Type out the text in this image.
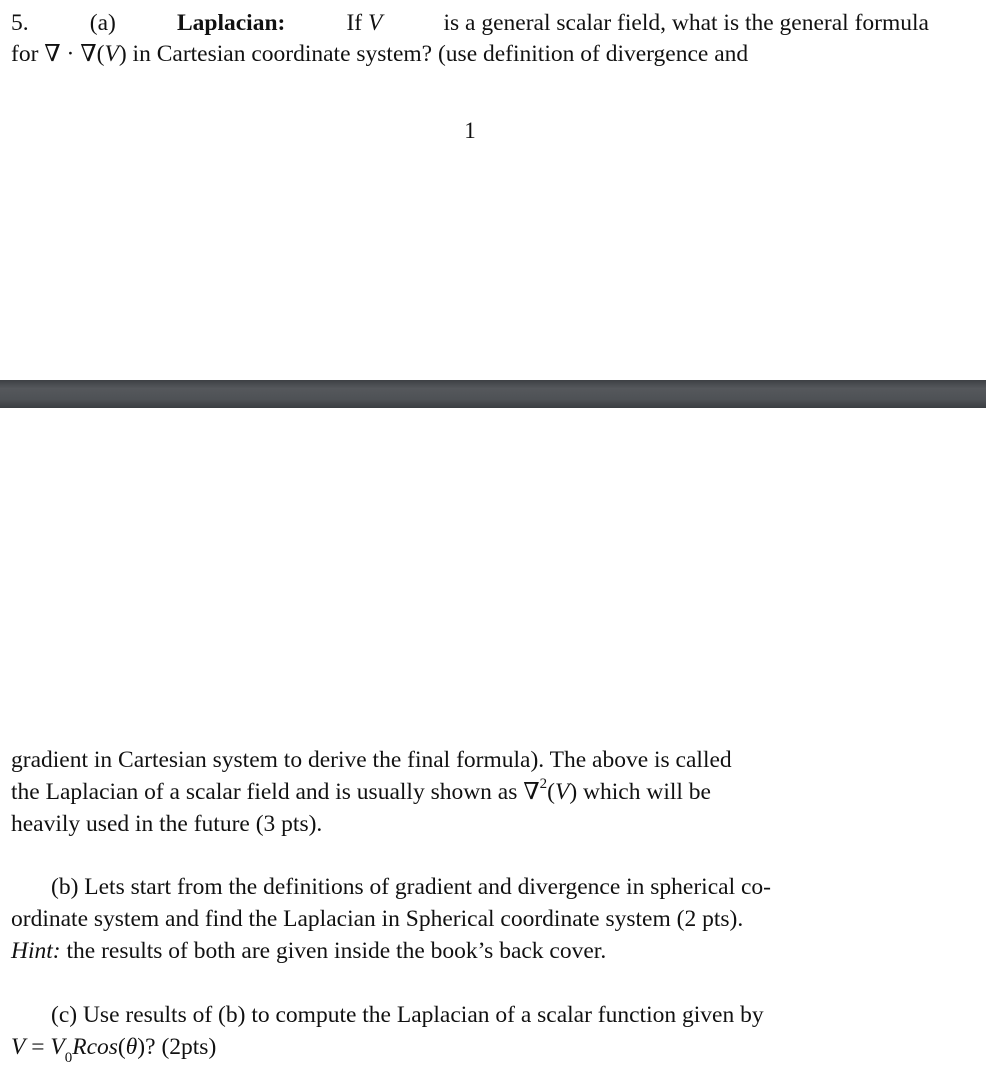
5.	(a)	Laplacian:	If V	is a general scalar field, what is the general formula
for ∇ · ∇(V) in Cartesian coordinate system? (use definition of divergence and
1
gradient in Cartesian system to derive the final formula). The above is called
the Laplacian of a scalar field and is usually shown as ∇$^2$(V) which will be
heavily used in the future (3 pts).
(b) Lets start from the definitions of gradient and divergence in spherical co-
ordinate system and find the Laplacian in Spherical coordinate system (2 pts).
Hint: the results of both are given inside the book’s back cover.
(c) Use results of (b) to compute the Laplacian of a scalar function given by
$V = V_0Rcos(\theta)$? (2pts)
